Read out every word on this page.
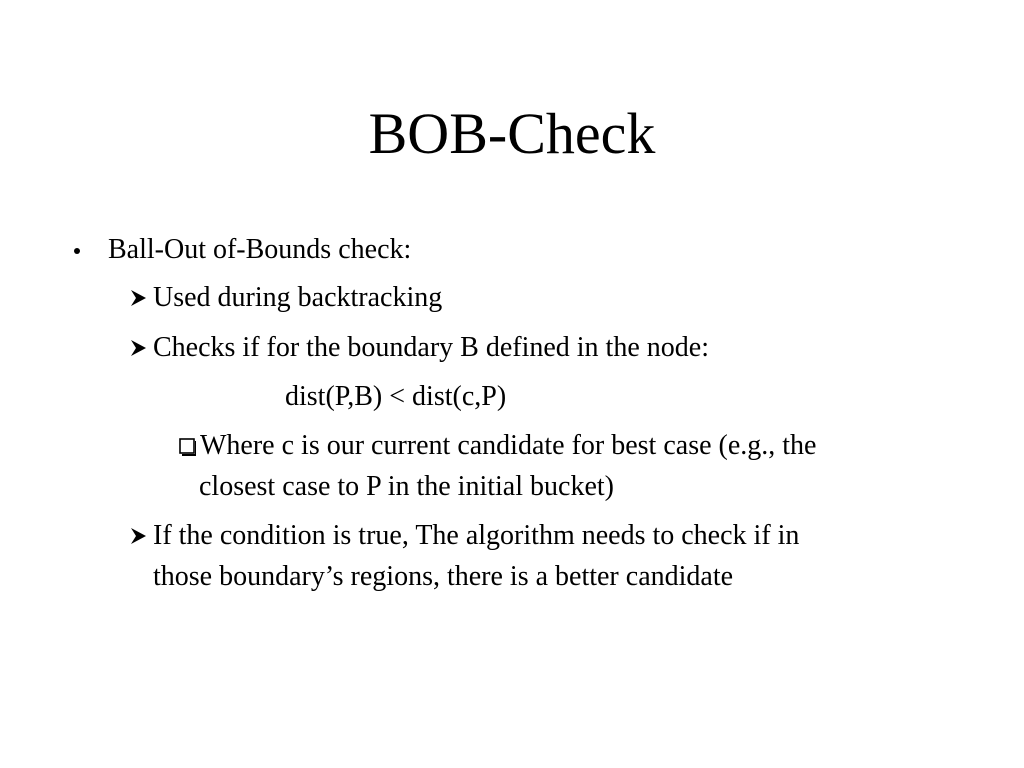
BOB-Check
Ball-Out of-Bounds check:
Used during backtracking
Checks if for the boundary B defined in the node:
dist(P,B) < dist(c,P)
Where c is our current candidate for best case (e.g., the
closest case to P in the initial bucket)
If the condition is true, The algorithm needs to check if in
those boundary’s regions, there is a better candidate
